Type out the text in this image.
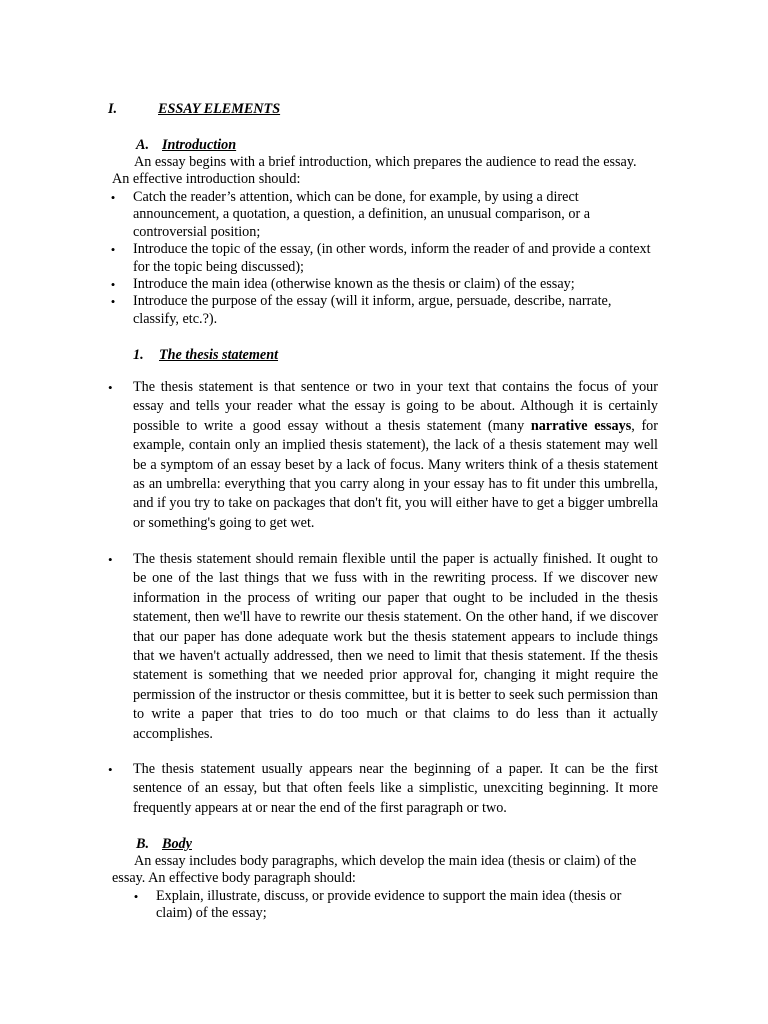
I.	ESSAY ELEMENTS
A. Introduction
An essay begins with a brief introduction, which prepares the audience to read the essay. An effective introduction should:
• Catch the reader’s attention, which can be done, for example, by using a direct announcement, a quotation, a question, a definition, an unusual comparison, or a controversial position;
• Introduce the topic of the essay, (in other words, inform the reader of and provide a context for the topic being discussed);
• Introduce the main idea (otherwise known as the thesis or claim) of the essay;
• Introduce the purpose of the essay (will it inform, argue, persuade, describe, narrate, classify, etc.?).
1. The thesis statement
•	The thesis statement is that sentence or two in your text that contains the focus of your essay and tells your reader what the essay is going to be about. Although it is certainly possible to write a good essay without a thesis statement (many narrative essays, for example, contain only an implied thesis statement), the lack of a thesis statement may well be a symptom of an essay beset by a lack of focus. Many writers think of a thesis statement as an umbrella: everything that you carry along in your essay has to fit under this umbrella, and if you try to take on packages that don't fit, you will either have to get a bigger umbrella or something's going to get wet.
•	The thesis statement should remain flexible until the paper is actually finished. It ought to be one of the last things that we fuss with in the rewriting process. If we discover new information in the process of writing our paper that ought to be included in the thesis statement, then we'll have to rewrite our thesis statement. On the other hand, if we discover that our paper has done adequate work but the thesis statement appears to include things that we haven't actually addressed, then we need to limit that thesis statement. If the thesis statement is something that we needed prior approval for, changing it might require the permission of the instructor or thesis committee, but it is better to seek such permission than to write a paper that tries to do too much or that claims to do less than it actually accomplishes.
•	The thesis statement usually appears near the beginning of a paper. It can be the first sentence of an essay, but that often feels like a simplistic, unexciting beginning. It more frequently appears at or near the end of the first paragraph or two.
B. Body
An essay includes body paragraphs, which develop the main idea (thesis or claim) of the essay. An effective body paragraph should:
• Explain, illustrate, discuss, or provide evidence to support the main idea (thesis or claim) of the essay;
